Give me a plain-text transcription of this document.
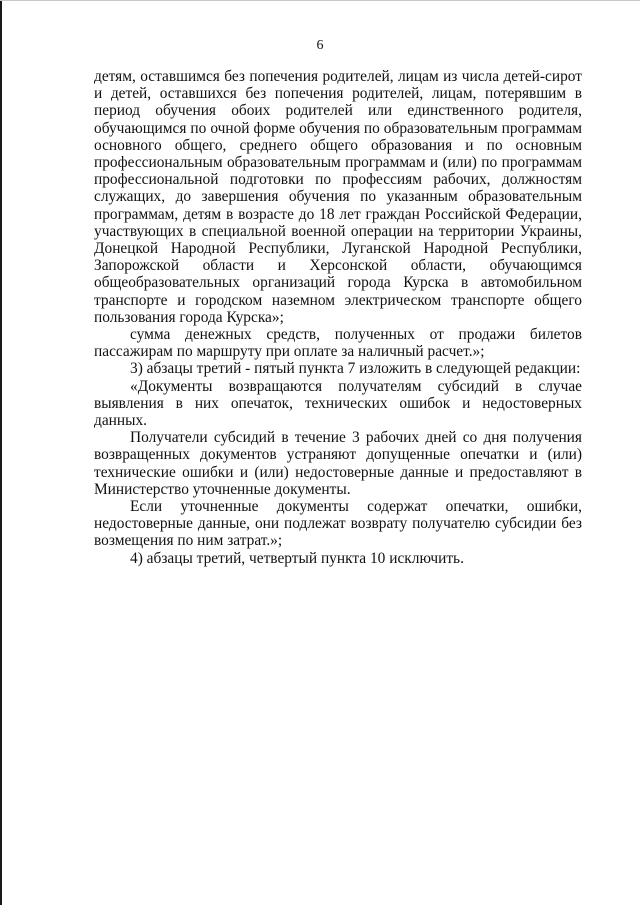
6

детям, оставшимся без попечения родителей, лицам из числа детей-сирот и детей, оставшихся без попечения родителей, лицам, потерявшим в период обучения обоих родителей или единственного родителя, обучающимся по очной форме обучения по образовательным программам основного общего, среднего общего образования и по основным профессиональным образовательным программам и (или) по программам профессиональной подготовки по профессиям рабочих, должностям служащих, до завершения обучения по указанным образовательным программам, детям в возрасте до 18 лет граждан Российской Федерации, участвующих в специальной военной операции на территории Украины, Донецкой Народной Республики, Луганской Народной Республики, Запорожской области и Херсонской области, обучающимся общеобразовательных организаций города Курска в автомобильном транспорте и городском наземном электрическом транспорте общего пользования города Курска»;

сумма денежных средств, полученных от продажи билетов пассажирам по маршруту при оплате за наличный расчет.»;

3) абзацы третий - пятый пункта 7 изложить в следующей редакции:

«Документы возвращаются получателям субсидий в случае выявления в них опечаток, технических ошибок и недостоверных данных.

Получатели субсидий в течение 3 рабочих дней со дня получения возвращенных документов устраняют допущенные опечатки и (или) технические ошибки и (или) недостоверные данные и предоставляют в Министерство уточненные документы.

Если уточненные документы содержат опечатки, ошибки, недостоверные данные, они подлежат возврату получателю субсидии без возмещения по ним затрат.»;

4) абзацы третий, четвертый пункта 10 исключить.
